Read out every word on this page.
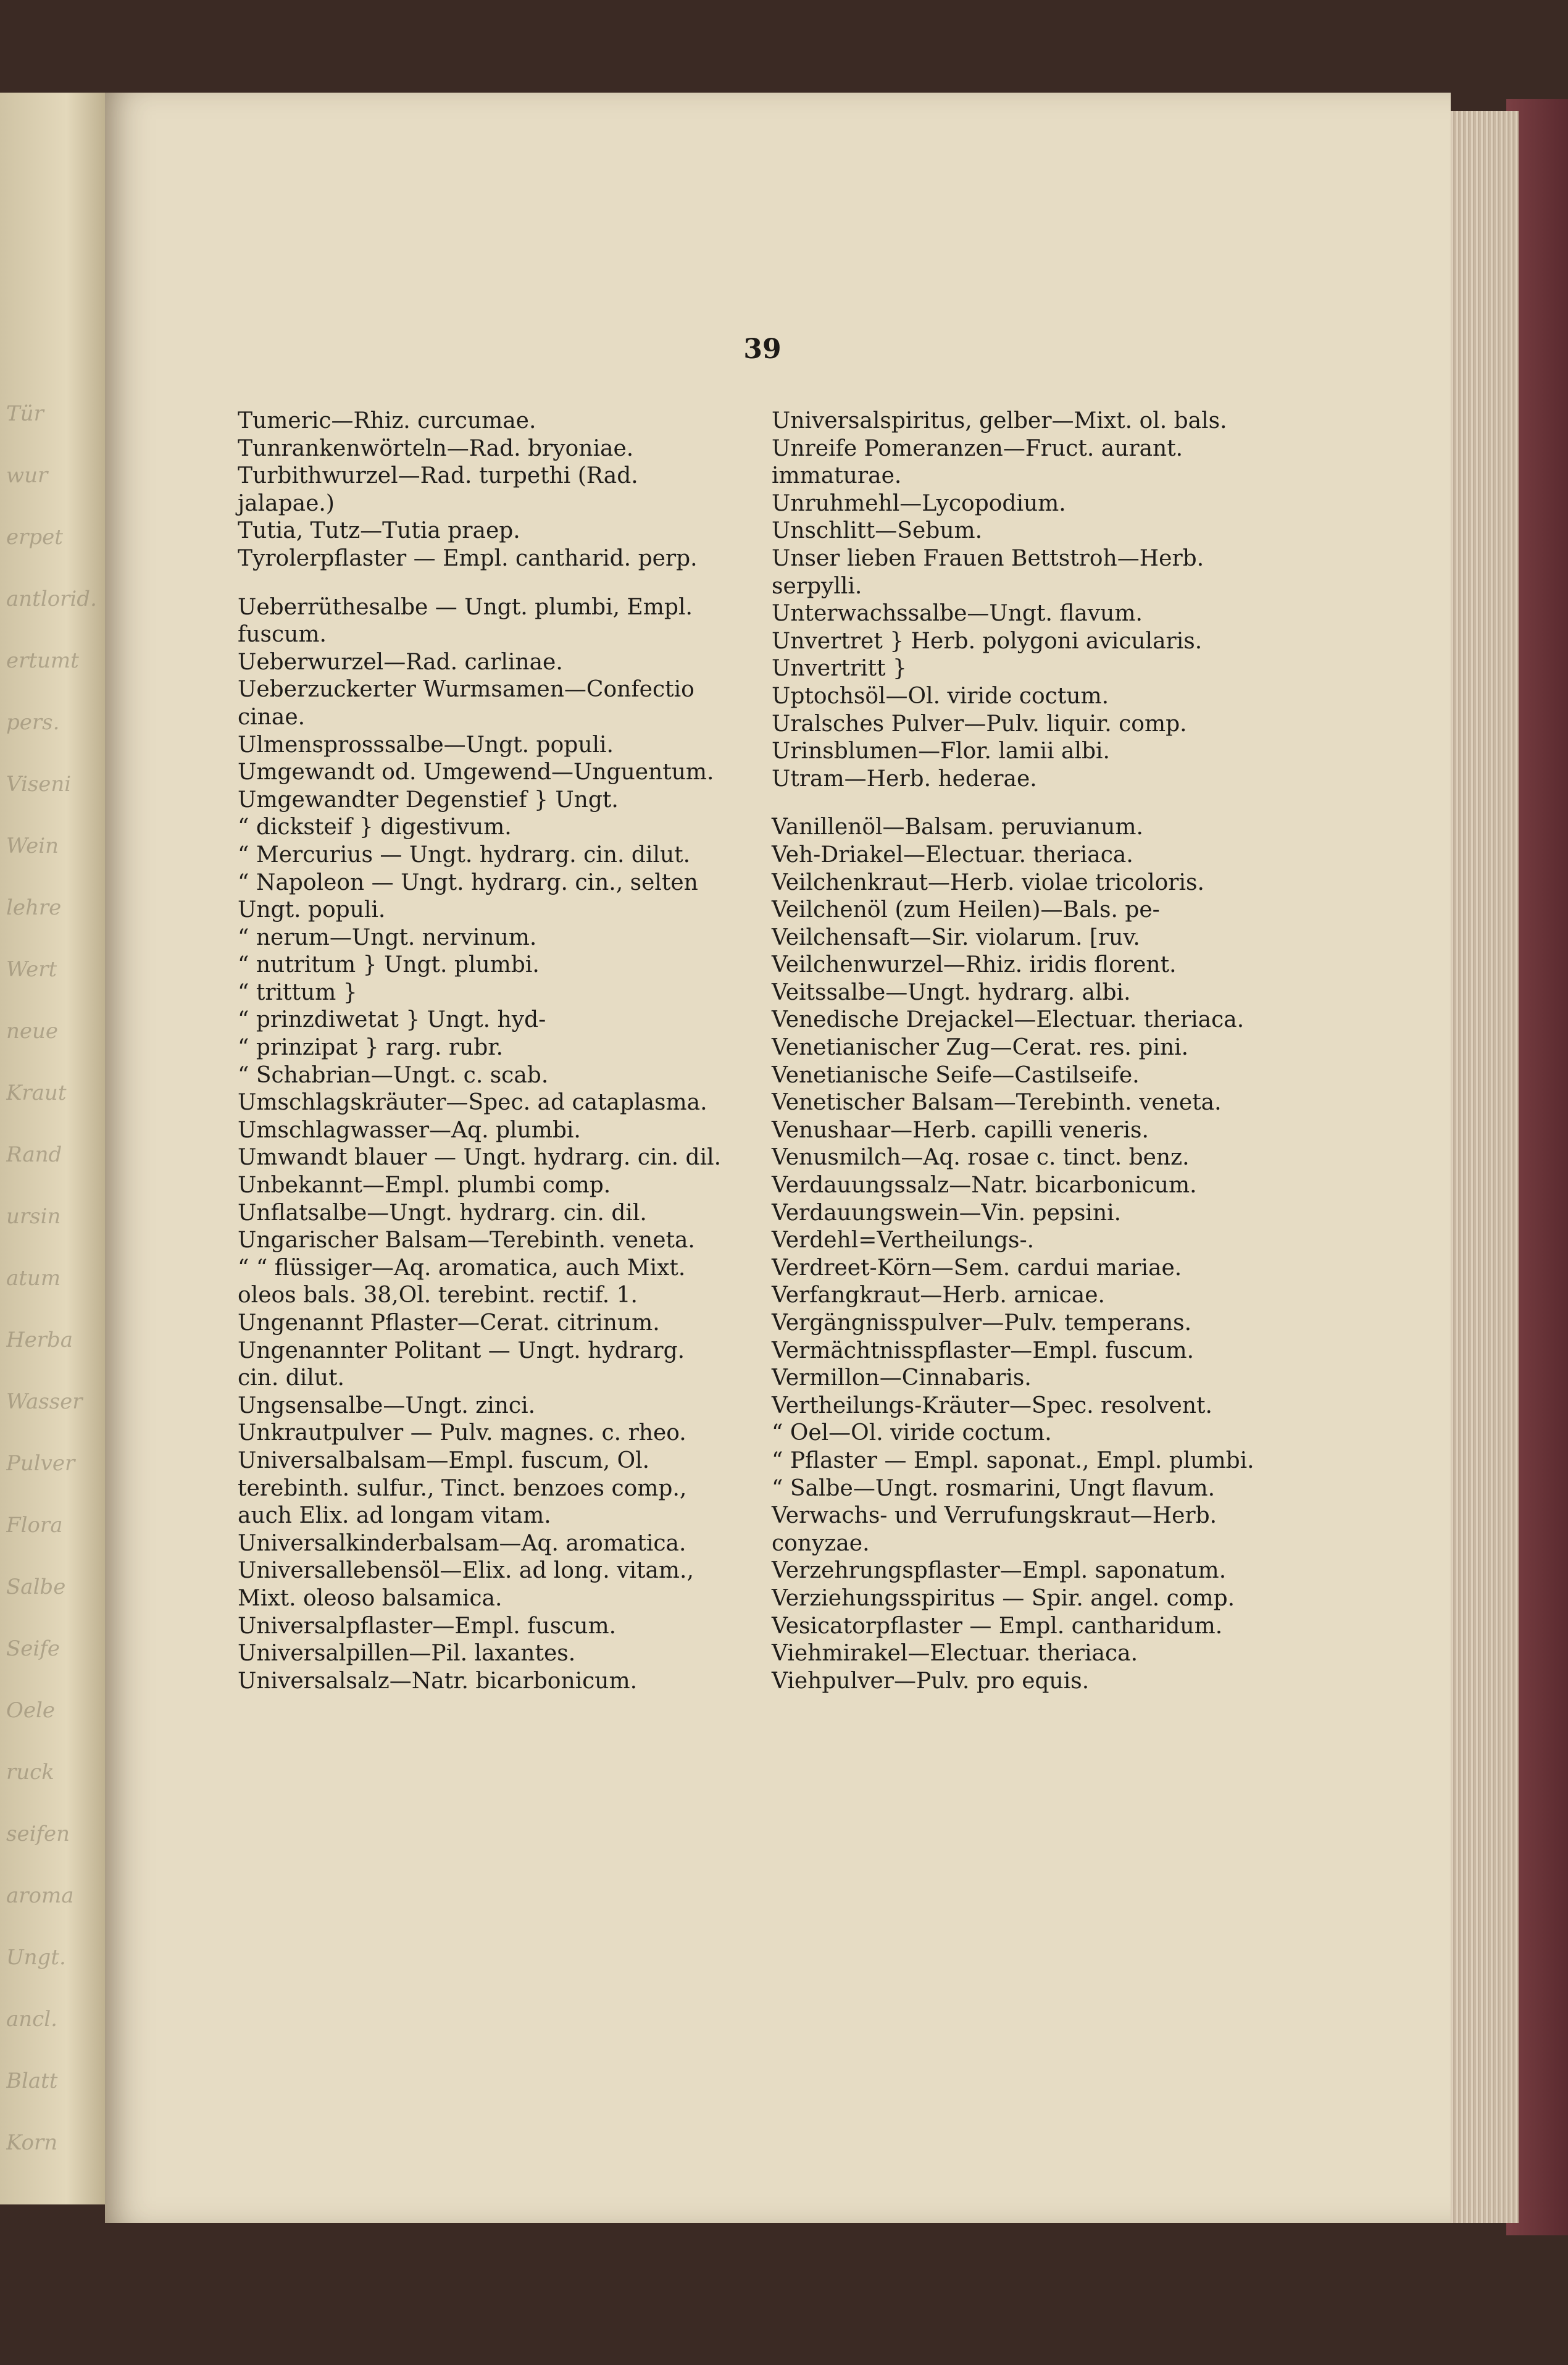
Tür
wur
erpet
antlorid.
ertumt
pers.
Viseni
Wein
lehre
Wert
neue
Kraut
Rand
ursin
atum
Herba
Wasser
Pulver
Flora
Salbe
Seife
Oele
ruck
seifen
aroma
Ungt.
ancl.
Blatt
Korn
39
Tumeric—Rhiz. curcumae.
Tunrankenwörteln—Rad. bryoniae.
Turbithwurzel—Rad. turpethi (Rad. jalapae.)
Tutia, Tutz—Tutia praep.
Tyrolerpflaster — Empl. cantharid. perp.
Ueberrüthesalbe — Ungt. plumbi, Empl. fuscum.
Ueberwurzel—Rad. carlinae.
Ueberzuckerter Wurmsamen—Confectio cinae.
Ulmensprosssalbe—Ungt. populi.
Umgewandt od. Umgewend—Unguentum.
Umgewandter Degenstief } Ungt.
“ dicksteif } digestivum.
“ Mercurius — Ungt. hydrarg. cin. dilut.
“ Napoleon — Ungt. hydrarg. cin., selten Ungt. populi.
“ nerum—Ungt. nervinum.
“ nutritum } Ungt. plumbi.
“ trittum }
“ prinzdiwetat } Ungt. hyd-
“ prinzipat } rarg. rubr.
“ Schabrian—Ungt. c. scab.
Umschlagskräuter—Spec. ad cataplasma.
Umschlagwasser—Aq. plumbi.
Umwandt blauer — Ungt. hydrarg. cin. dil.
Unbekannt—Empl. plumbi comp.
Unflatsalbe—Ungt. hydrarg. cin. dil.
Ungarischer Balsam—Terebinth. veneta.
“ “ flüssiger—Aq. aromatica, auch Mixt. oleos bals. 38,Ol. terebint. rectif. 1.
Ungenannt Pflaster—Cerat. citrinum.
Ungenannter Politant — Ungt. hydrarg. cin. dilut.
Ungsensalbe—Ungt. zinci.
Unkrautpulver — Pulv. magnes. c. rheo.
Universalbalsam—Empl. fuscum, Ol. terebinth. sulfur., Tinct. benzoes comp., auch Elix. ad longam vitam.
Universalkinderbalsam—Aq. aromatica.
Universallebensöl—Elix. ad long. vitam., Mixt. oleoso balsamica.
Universalpflaster—Empl. fuscum.
Universalpillen—Pil. laxantes.
Universalsalz—Natr. bicarbonicum.
Universalspiritus, gelber—Mixt. ol. bals.
Unreife Pomeranzen—Fruct. aurant. immaturae.
Unruhmehl—Lycopodium.
Unschlitt—Sebum.
Unser lieben Frauen Bettstroh—Herb. serpylli.
Unterwachssalbe—Ungt. flavum.
Unvertret } Herb. polygoni avicularis.
Unvertritt }
Uptochsöl—Ol. viride coctum.
Uralsches Pulver—Pulv. liquir. comp.
Urinsblumen—Flor. lamii albi.
Utram—Herb. hederae.
Vanillenöl—Balsam. peruvianum.
Veh-Driakel—Electuar. theriaca.
Veilchenkraut—Herb. violae tricoloris.
Veilchenöl (zum Heilen)—Bals. pe-
Veilchensaft—Sir. violarum. [ruv.
Veilchenwurzel—Rhiz. iridis florent.
Veitssalbe—Ungt. hydrarg. albi.
Venedische Drejackel—Electuar. theriaca.
Venetianischer Zug—Cerat. res. pini.
Venetianische Seife—Castilseife.
Venetischer Balsam—Terebinth. veneta.
Venushaar—Herb. capilli veneris.
Venusmilch—Aq. rosae c. tinct. benz.
Verdauungssalz—Natr. bicarbonicum.
Verdauungswein—Vin. pepsini.
Verdehl=Vertheilungs-.
Verdreet-Körn—Sem. cardui mariae.
Verfangkraut—Herb. arnicae.
Vergängnisspulver—Pulv. temperans.
Vermächtnisspflaster—Empl. fuscum.
Vermillon—Cinnabaris.
Vertheilungs-Kräuter—Spec. resolvent.
“ Oel—Ol. viride coctum.
“ Pflaster — Empl. saponat., Empl. plumbi.
“ Salbe—Ungt. rosmarini, Ungt flavum.
Verwachs- und Verrufungskraut—Herb. conyzae.
Verzehrungspflaster—Empl. saponatum.
Verziehungsspiritus — Spir. angel. comp.
Vesicatorpflaster — Empl. cantharidum.
Viehmirakel—Electuar. theriaca.
Viehpulver—Pulv. pro equis.
